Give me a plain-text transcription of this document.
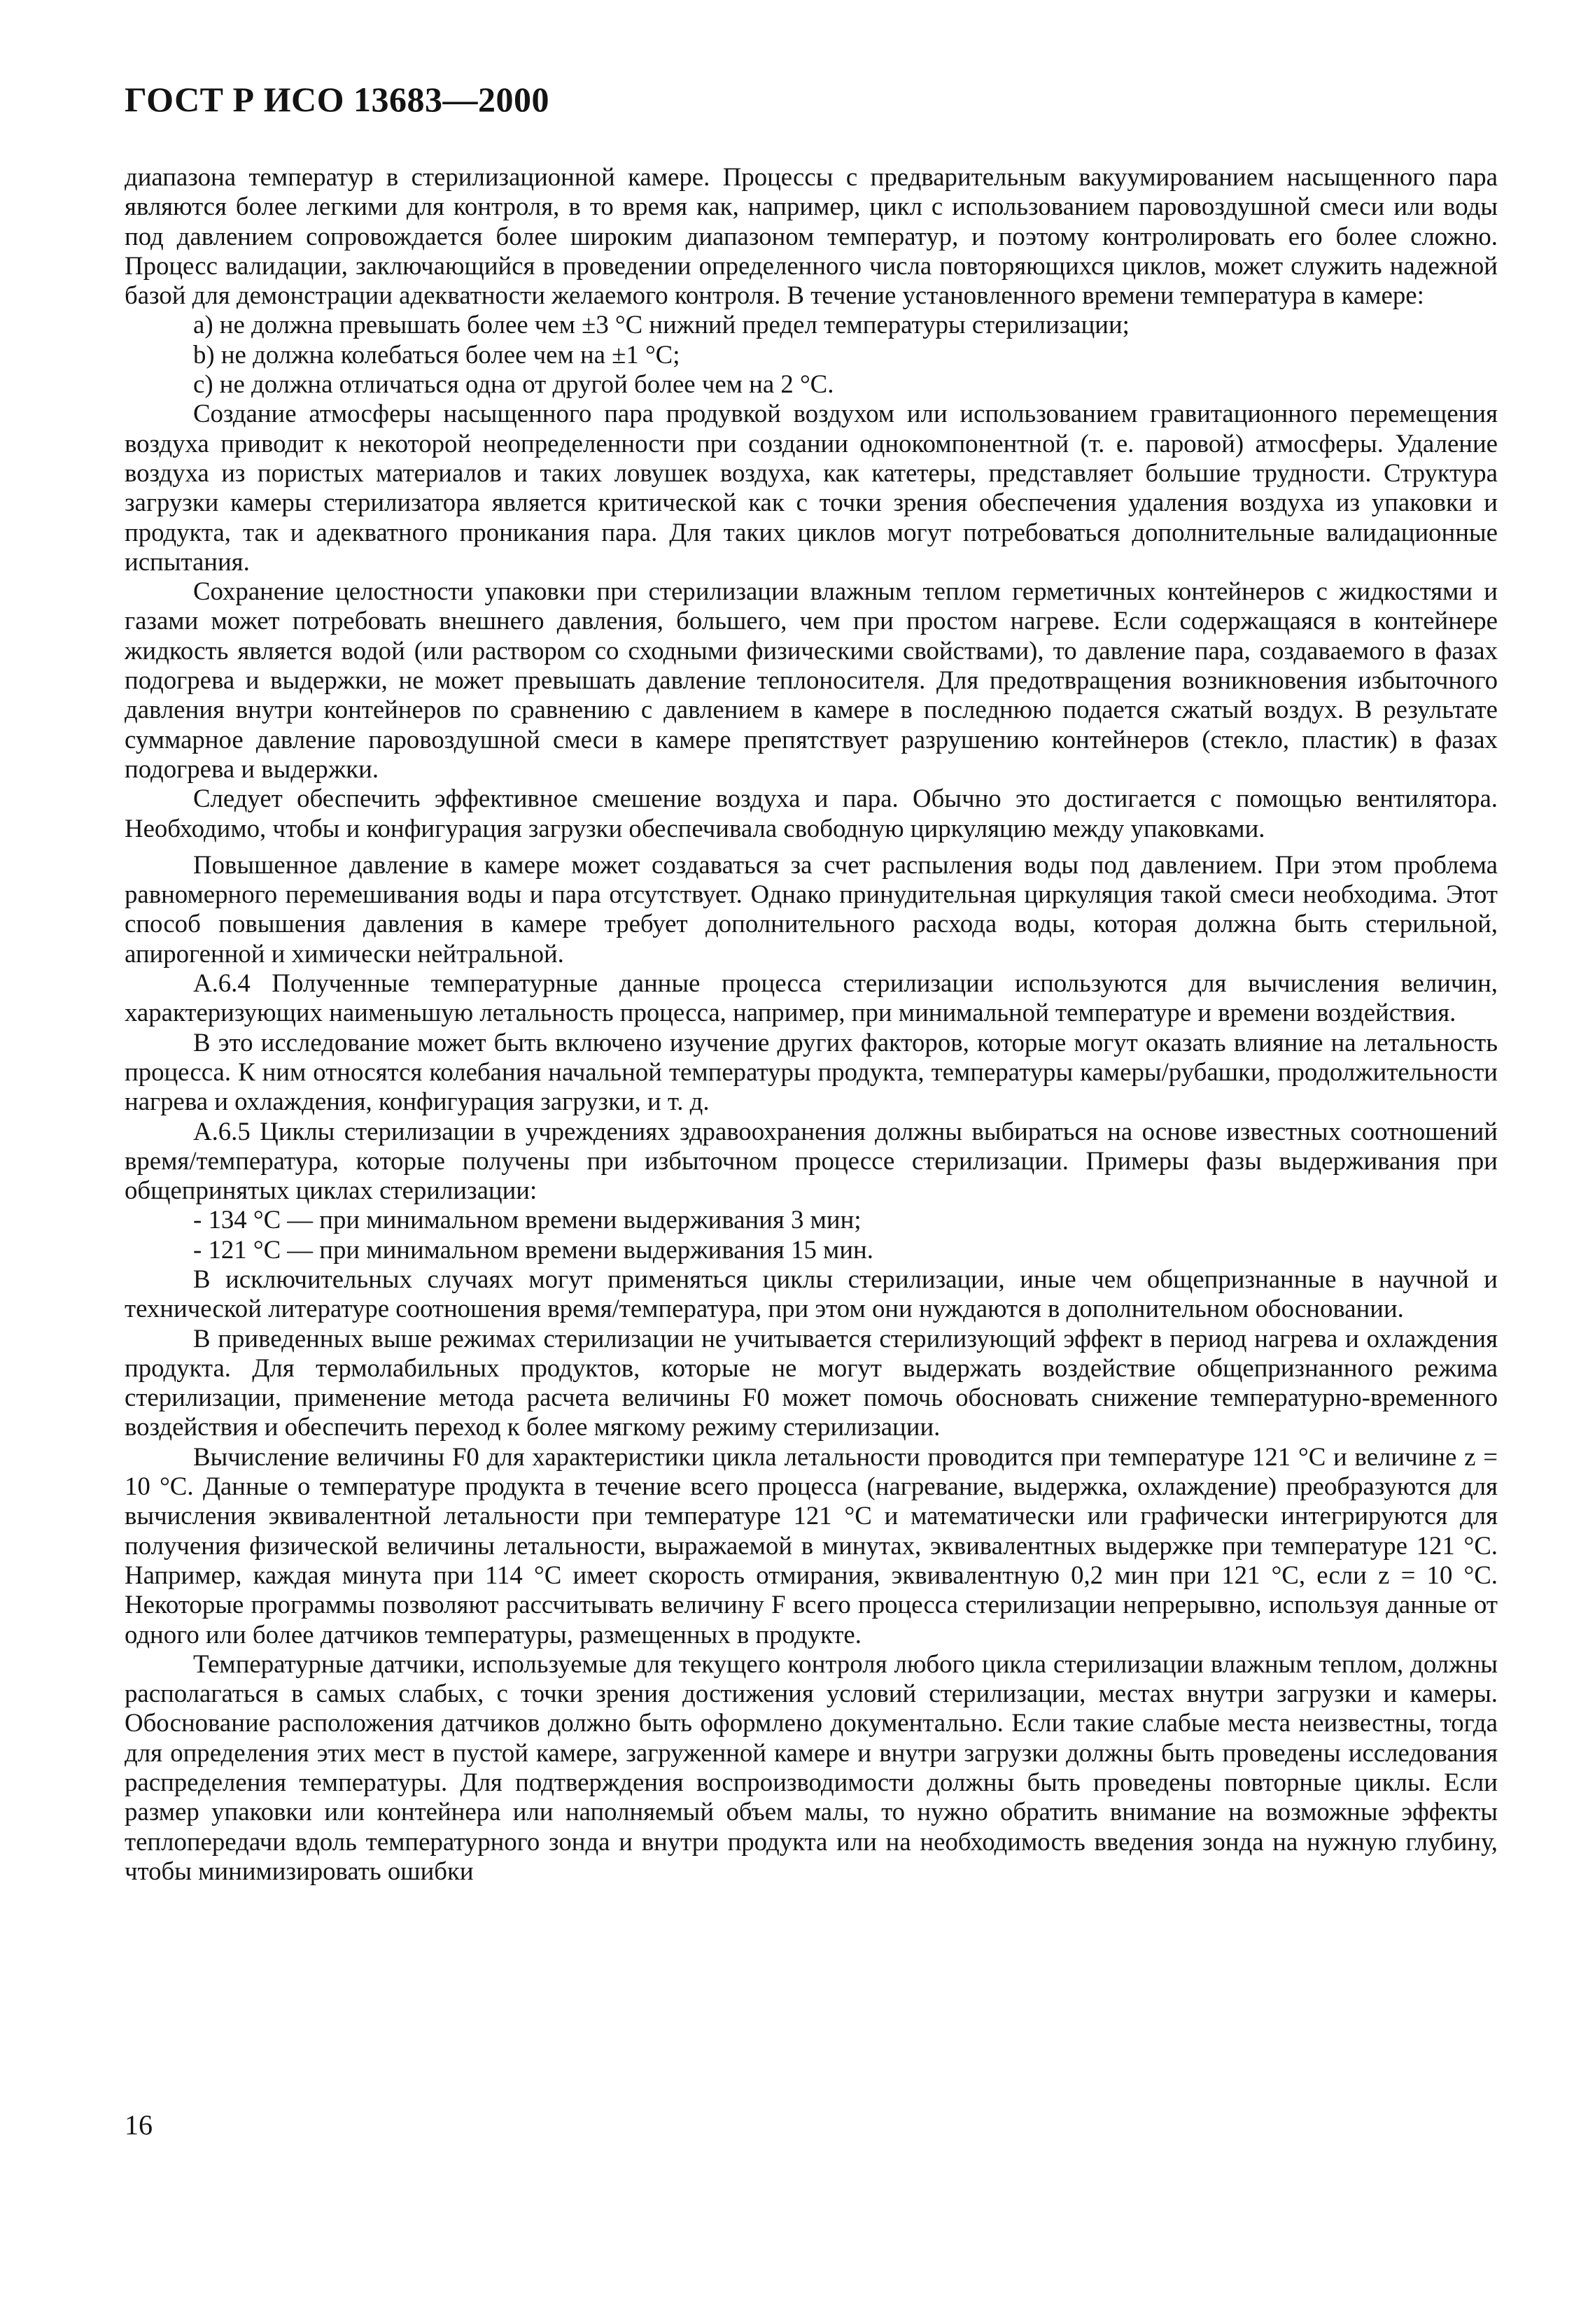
ГОСТ Р ИСО 13683—2000

диапазона температур в стерилизационной камере. Процессы с предварительным вакуумированием насыщенного пара являются более легкими для контроля, в то время как, например, цикл с использованием паровоздушной смеси или воды под давлением сопровождается более широким диапазоном температур, и поэтому контролировать его более сложно. Процесс валидации, заключающийся в проведении определенного числа повторяющихся циклов, может служить надежной базой для демонстрации адекватности желаемого контроля. В течение установленного времени температура в камере:

a) не должна превышать более чем ±3 °С нижний предел температуры стерилизации;

b) не должна колебаться более чем на ±1 °С;

c) не должна отличаться одна от другой более чем на 2 °С.

Создание атмосферы насыщенного пара продувкой воздухом или использованием гравитационного перемещения воздуха приводит к некоторой неопределенности при создании однокомпонентной (т. е. паровой) атмосферы. Удаление воздуха из пористых материалов и таких ловушек воздуха, как катетеры, представляет большие трудности. Структура загрузки камеры стерилизатора является критической как с точки зрения обеспечения удаления воздуха из упаковки и продукта, так и адекватного проникания пара. Для таких циклов могут потребоваться дополнительные валидационные испытания.

Сохранение целостности упаковки при стерилизации влажным теплом герметичных контейнеров с жидкостями и газами может потребовать внешнего давления, большего, чем при простом нагреве. Если содержащаяся в контейнере жидкость является водой (или раствором со сходными физическими свойствами), то давление пара, создаваемого в фазах подогрева и выдержки, не может превышать давление теплоносителя. Для предотвращения возникновения избыточного давления внутри контейнеров по сравнению с давлением в камере в последнюю подается сжатый воздух. В результате суммарное давление паровоздушной смеси в камере препятствует разрушению контейнеров (стекло, пластик) в фазах подогрева и выдержки.

Следует обеспечить эффективное смешение воздуха и пара. Обычно это достигается с помощью вентилятора. Необходимо, чтобы и конфигурация загрузки обеспечивала свободную циркуляцию между упаковками.

Повышенное давление в камере может создаваться за счет распыления воды под давлением. При этом проблема равномерного перемешивания воды и пара отсутствует. Однако принудительная циркуляция такой смеси необходима. Этот способ повышения давления в камере требует дополнительного расхода воды, которая должна быть стерильной, апирогенной и химически нейтральной.

А.6.4 Полученные температурные данные процесса стерилизации используются для вычисления величин, характеризующих наименьшую летальность процесса, например, при минимальной температуре и времени воздействия.

В это исследование может быть включено изучение других факторов, которые могут оказать влияние на летальность процесса. К ним относятся колебания начальной температуры продукта, температуры камеры/рубашки, продолжительности нагрева и охлаждения, конфигурация загрузки, и т. д.

А.6.5 Циклы стерилизации в учреждениях здравоохранения должны выбираться на основе известных соотношений время/температура, которые получены при избыточном процессе стерилизации. Примеры фазы выдерживания при общепринятых циклах стерилизации:

- 134 °С — при минимальном времени выдерживания 3 мин;

- 121 °С — при минимальном времени выдерживания 15 мин.

В исключительных случаях могут применяться циклы стерилизации, иные чем общепризнанные в научной и технической литературе соотношения время/температура, при этом они нуждаются в дополнительном обосновании.

В приведенных выше режимах стерилизации не учитывается стерилизующий эффект в период нагрева и охлаждения продукта. Для термолабильных продуктов, которые не могут выдержать воздействие общепризнанного режима стерилизации, применение метода расчета величины F0 может помочь обосновать снижение температурно-временного воздействия и обеспечить переход к более мягкому режиму стерилизации.

Вычисление величины F0 для характеристики цикла летальности проводится при температуре 121 °С и величине z = 10 °С. Данные о температуре продукта в течение всего процесса (нагревание, выдержка, охлаждение) преобразуются для вычисления эквивалентной летальности при температуре 121 °С и математически или графически интегрируются для получения физической величины летальности, выражаемой в минутах, эквивалентных выдержке при температуре 121 °С. Например, каждая минута при 114 °С имеет скорость отмирания, эквивалентную 0,2 мин при 121 °С, если z = 10 °С. Некоторые программы позволяют рассчитывать величину F всего процесса стерилизации непрерывно, используя данные от одного или более датчиков температуры, размещенных в продукте.

Температурные датчики, используемые для текущего контроля любого цикла стерилизации влажным теплом, должны располагаться в самых слабых, с точки зрения достижения условий стерилизации, местах внутри загрузки и камеры. Обоснование расположения датчиков должно быть оформлено документально. Если такие слабые места неизвестны, тогда для определения этих мест в пустой камере, загруженной камере и внутри загрузки должны быть проведены исследования распределения температуры. Для подтверждения воспроизводимости должны быть проведены повторные циклы. Если размер упаковки или контейнера или наполняемый объем малы, то нужно обратить внимание на возможные эффекты теплопередачи вдоль температурного зонда и внутри продукта или на необходимость введения зонда на нужную глубину, чтобы минимизировать ошибки

16
